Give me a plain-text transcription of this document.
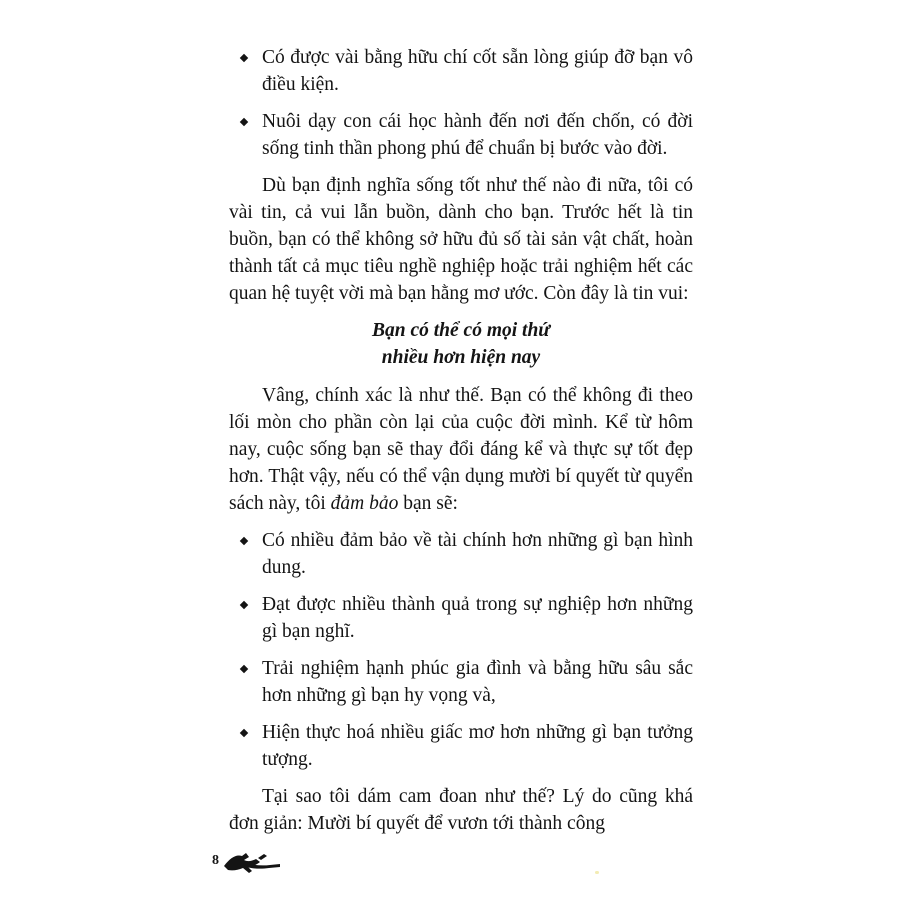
Có được vài bằng hữu chí cốt sẵn lòng giúp đỡ bạn vô điều kiện.
Nuôi dạy con cái học hành đến nơi đến chốn, có đời sống tinh thần phong phú để chuẩn bị bước vào đời.

Dù bạn định nghĩa sống tốt như thế nào đi nữa, tôi có vài tin, cả vui lẫn buồn, dành cho bạn. Trước hết là tin buồn, bạn có thể không sở hữu đủ số tài sản vật chất, hoàn thành tất cả mục tiêu nghề nghiệp hoặc trải nghiệm hết các quan hệ tuyệt vời mà bạn hằng mơ ước. Còn đây là tin vui:

Bạn có thể có mọi thứ
nhiều hơn hiện nay

Vâng, chính xác là như thế. Bạn có thể không đi theo lối mòn cho phần còn lại của cuộc đời mình. Kể từ hôm nay, cuộc sống bạn sẽ thay đổi đáng kể và thực sự tốt đẹp hơn. Thật vậy, nếu có thể vận dụng mười bí quyết từ quyển sách này, tôi đảm bảo bạn sẽ:

Có nhiều đảm bảo về tài chính hơn những gì bạn hình dung.
Đạt được nhiều thành quả trong sự nghiệp hơn những gì bạn nghĩ.
Trải nghiệm hạnh phúc gia đình và bằng hữu sâu sắc hơn những gì bạn hy vọng và,
Hiện thực hoá nhiều giấc mơ hơn những gì bạn tưởng tượng.

Tại sao tôi dám cam đoan như thế? Lý do cũng khá đơn giản: Mười bí quyết để vươn tới thành công

8
